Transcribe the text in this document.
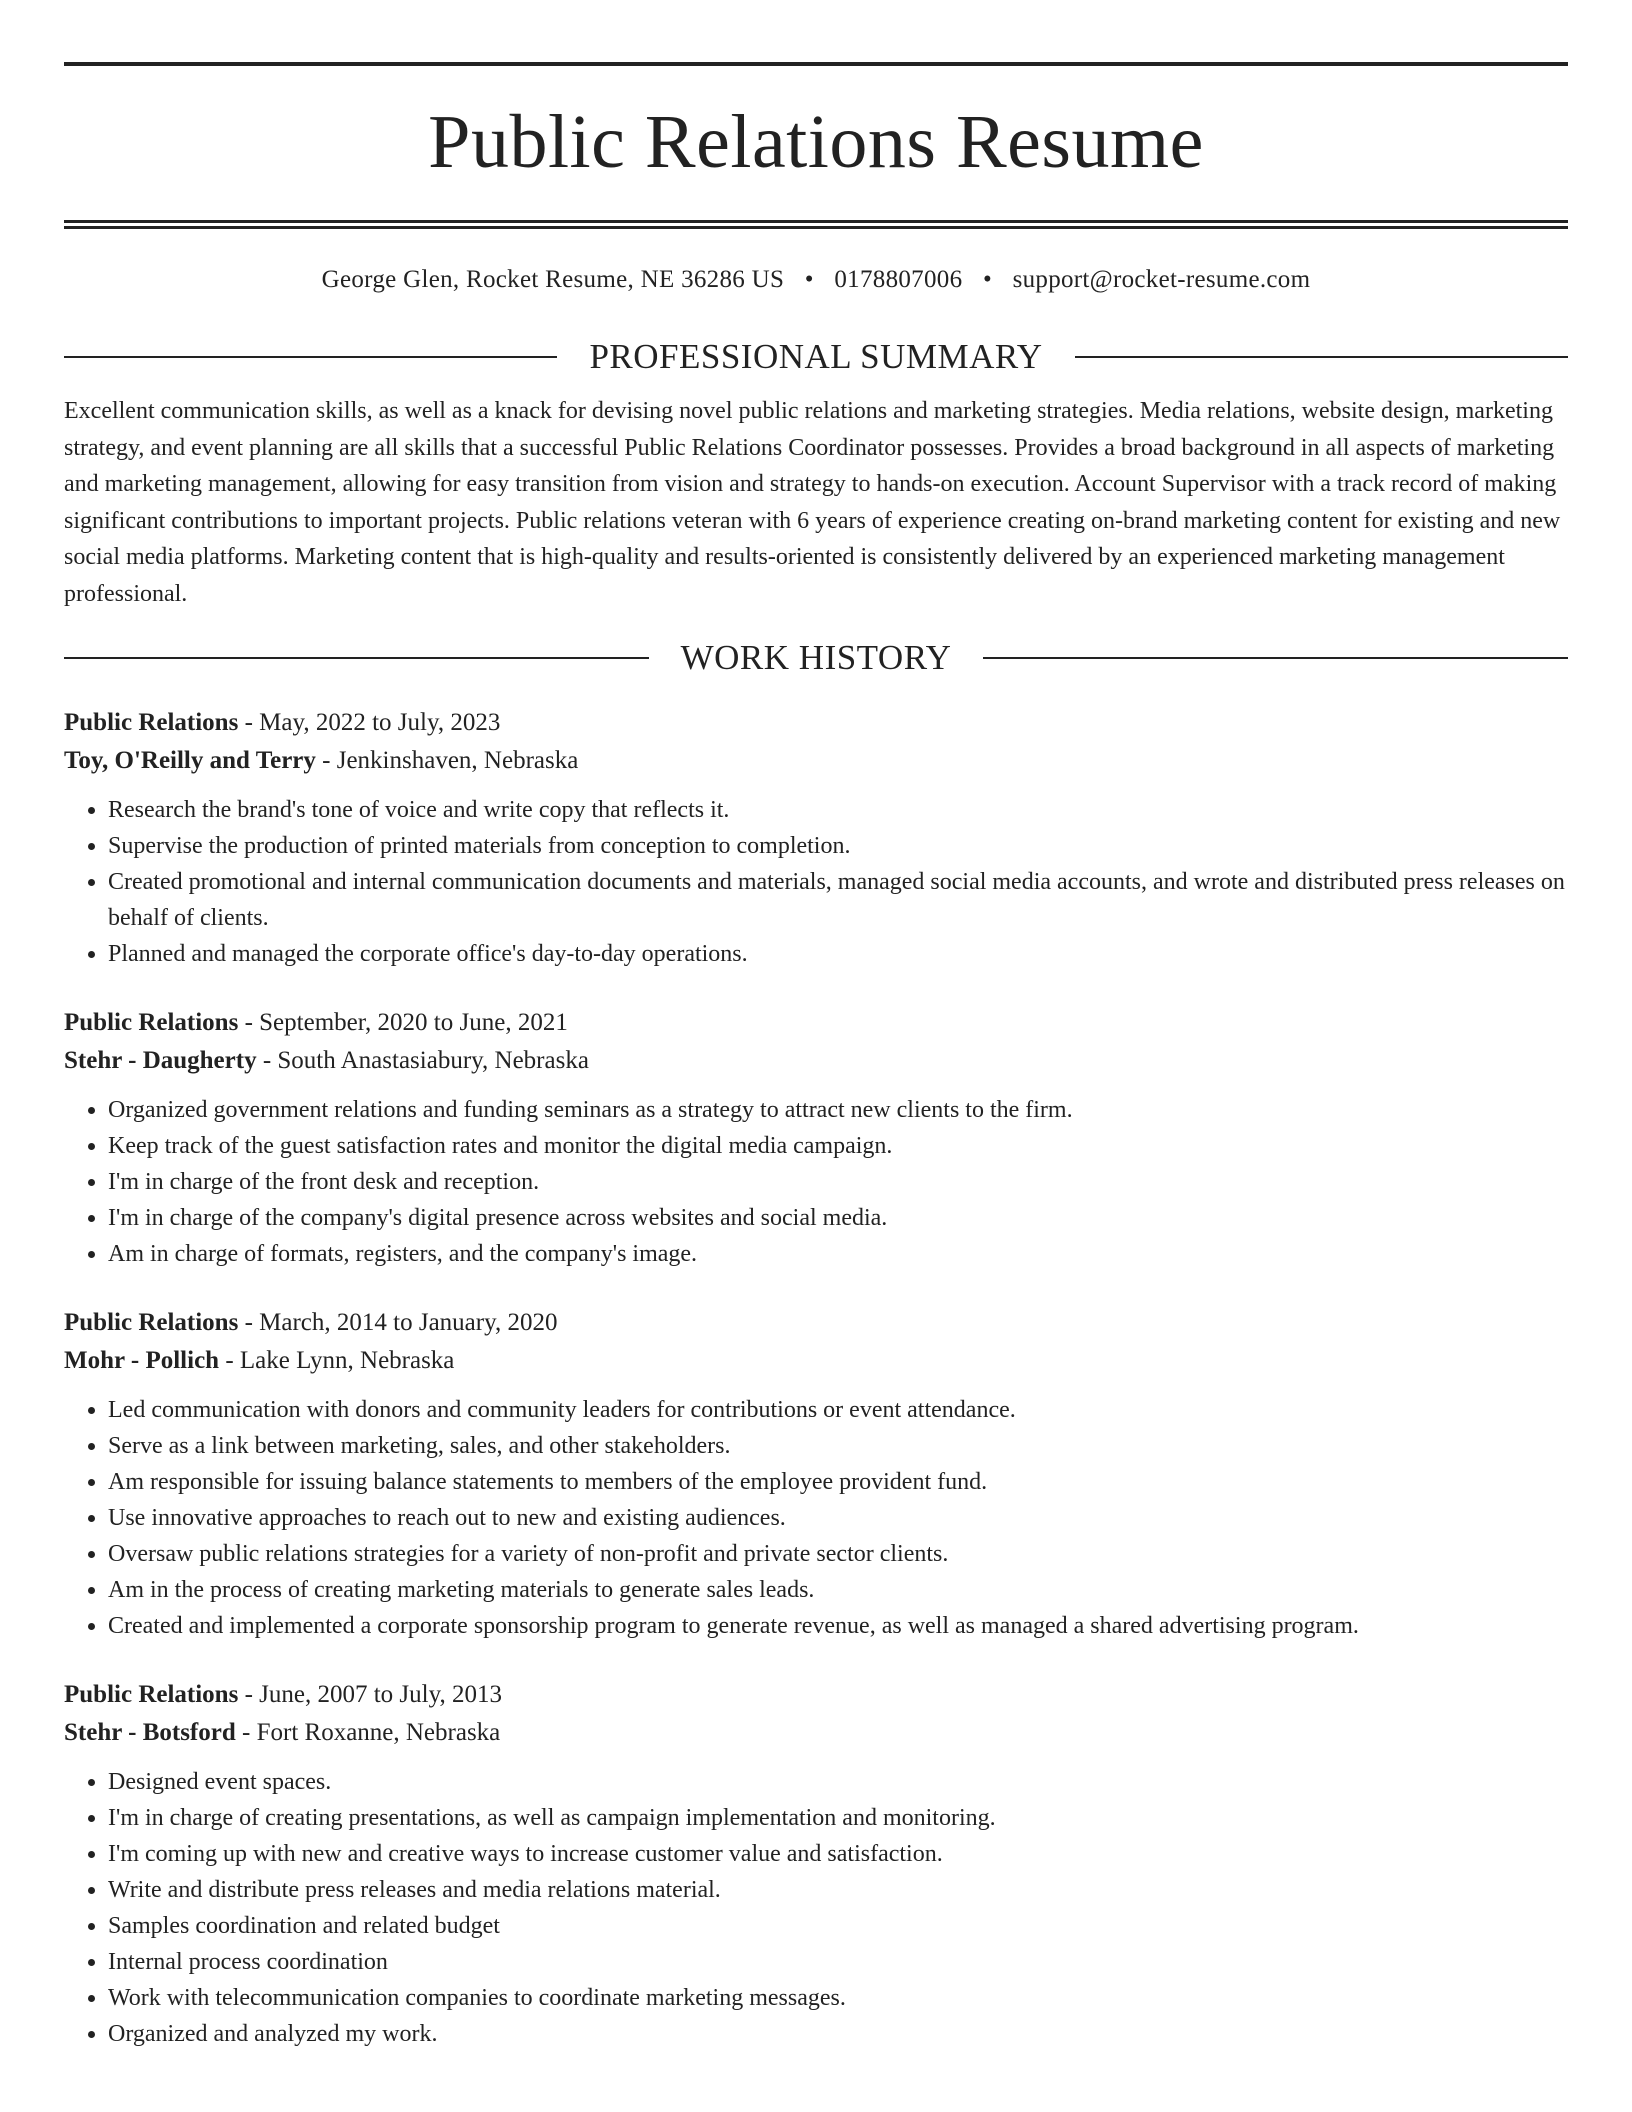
Public Relations Resume
George Glen, Rocket Resume, NE 36286 US • 0178807006 • support@rocket-resume.com
PROFESSIONAL SUMMARY

Excellent communication skills, as well as a knack for devising novel public relations and marketing strategies. Media relations, website design, marketing strategy, and event planning are all skills that a successful Public Relations Coordinator possesses. Provides a broad background in all aspects of marketing and marketing management, allowing for easy transition from vision and strategy to hands-on execution. Account Supervisor with a track record of making significant contributions to important projects. Public relations veteran with 6 years of experience creating on-brand marketing content for existing and new social media platforms. Marketing content that is high-quality and results-oriented is consistently delivered by an experienced marketing management professional.

WORK HISTORY
Public Relations - May, 2022 to July, 2023
Toy, O'Reilly and Terry - Jenkinshaven, Nebraska
• Research the brand's tone of voice and write copy that reflects it.
• Supervise the production of printed materials from conception to completion.
• Created promotional and internal communication documents and materials, managed social media accounts, and wrote and distributed press releases on behalf of clients.
• Planned and managed the corporate office's day-to-day operations.
Public Relations - September, 2020 to June, 2021
Stehr - Daugherty - South Anastasiabury, Nebraska
• Organized government relations and funding seminars as a strategy to attract new clients to the firm.
• Keep track of the guest satisfaction rates and monitor the digital media campaign.
• I'm in charge of the front desk and reception.
• I'm in charge of the company's digital presence across websites and social media.
• Am in charge of formats, registers, and the company's image.
Public Relations - March, 2014 to January, 2020
Mohr - Pollich - Lake Lynn, Nebraska
• Led communication with donors and community leaders for contributions or event attendance.
• Serve as a link between marketing, sales, and other stakeholders.
• Am responsible for issuing balance statements to members of the employee provident fund.
• Use innovative approaches to reach out to new and existing audiences.
• Oversaw public relations strategies for a variety of non-profit and private sector clients.
• Am in the process of creating marketing materials to generate sales leads.
• Created and implemented a corporate sponsorship program to generate revenue, as well as managed a shared advertising program.
Public Relations - June, 2007 to July, 2013
Stehr - Botsford - Fort Roxanne, Nebraska
• Designed event spaces.
• I'm in charge of creating presentations, as well as campaign implementation and monitoring.
• I'm coming up with new and creative ways to increase customer value and satisfaction.
• Write and distribute press releases and media relations material.
• Samples coordination and related budget
• Internal process coordination
• Work with telecommunication companies to coordinate marketing messages.
• Organized and analyzed my work.
